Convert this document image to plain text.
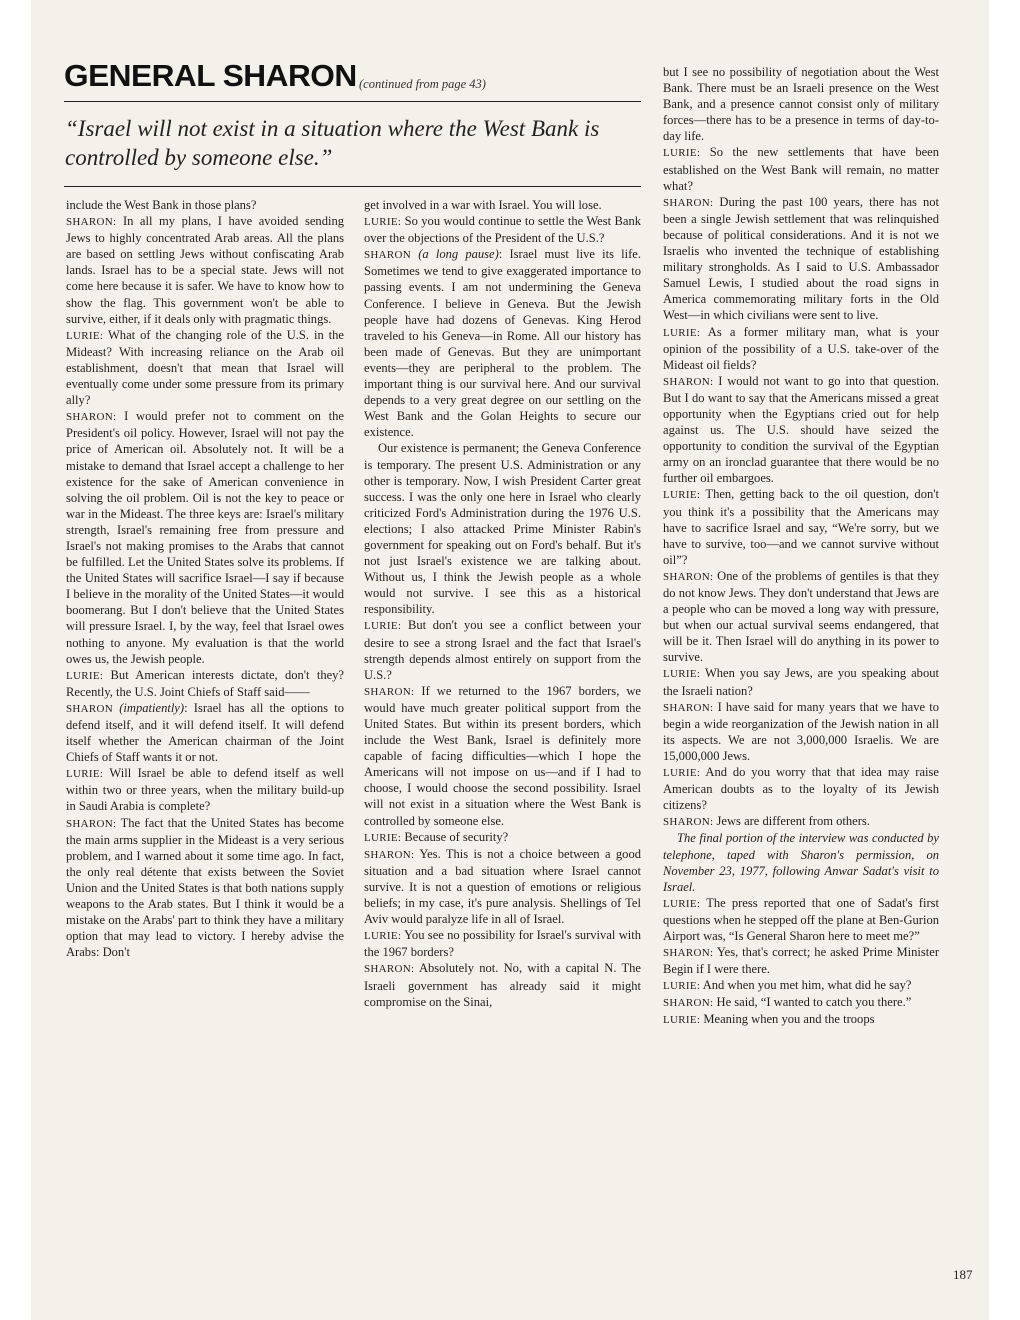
GENERAL SHARON (continued from page 43)
“Israel will not exist in a situation where the West Bank is controlled by someone else.”

include the West Bank in those plans?

SHARON: In all my plans, I have avoided sending Jews to highly concentrated Arab areas. All the plans are based on settling Jews without confiscating Arab lands. Israel has to be a special state. Jews will not come here because it is safer. We have to know how to show the flag. This government won't be able to survive, either, if it deals only with pragmatic things.

LURIE: What of the changing role of the U.S. in the Mideast? With increasing reliance on the Arab oil establishment, doesn't that mean that Israel will eventually come under some pressure from its primary ally?

SHARON: I would prefer not to comment on the President's oil policy. However, Israel will not pay the price of American oil. Absolutely not. It will be a mistake to demand that Israel accept a challenge to her existence for the sake of American convenience in solving the oil problem. Oil is not the key to peace or war in the Mideast. The three keys are: Israel's military strength, Israel's remaining free from pressure and Israel's not making promises to the Arabs that cannot be fulfilled. Let the United States solve its problems. If the United States will sacrifice Israel—I say if because I believe in the morality of the United States—it would boomerang. But I don't believe that the United States will pressure Israel. I, by the way, feel that Israel owes nothing to anyone. My evaluation is that the world owes us, the Jewish people.

LURIE: But American interests dictate, don't they? Recently, the U.S. Joint Chiefs of Staff said——

SHARON (impatiently): Israel has all the options to defend itself, and it will defend itself. It will defend itself whether the American chairman of the Joint Chiefs of Staff wants it or not.

LURIE: Will Israel be able to defend itself as well within two or three years, when the military build-up in Saudi Arabia is complete?

SHARON: The fact that the United States has become the main arms supplier in the Mideast is a very serious problem, and I warned about it some time ago. In fact, the only real détente that exists between the Soviet Union and the United States is that both nations supply weapons to the Arab states. But I think it would be a mistake on the Arabs' part to think they have a military option that may lead to victory. I hereby advise the Arabs: Don't

get involved in a war with Israel. You will lose.

LURIE: So you would continue to settle the West Bank over the objections of the President of the U.S.?

SHARON (a long pause): Israel must live its life. Sometimes we tend to give exaggerated importance to passing events. I am not undermining the Geneva Conference. I believe in Geneva. But the Jewish people have had dozens of Genevas. King Herod traveled to his Geneva—in Rome. All our history has been made of Genevas. But they are unimportant events—they are peripheral to the problem. The important thing is our survival here. And our survival depends to a very great degree on our settling on the West Bank and the Golan Heights to secure our existence.

Our existence is permanent; the Geneva Conference is temporary. The present U.S. Administration or any other is temporary. Now, I wish President Carter great success. I was the only one here in Israel who clearly criticized Ford's Administration during the 1976 U.S. elections; I also attacked Prime Minister Rabin's government for speaking out on Ford's behalf. But it's not just Israel's existence we are talking about. Without us, I think the Jewish people as a whole would not survive. I see this as a historical responsibility.

LURIE: But don't you see a conflict between your desire to see a strong Israel and the fact that Israel's strength depends almost entirely on support from the U.S.?

SHARON: If we returned to the 1967 borders, we would have much greater political support from the United States. But within its present borders, which include the West Bank, Israel is definitely more capable of facing difficulties—which I hope the Americans will not impose on us—and if I had to choose, I would choose the second possibility. Israel will not exist in a situation where the West Bank is controlled by someone else.

LURIE: Because of security?

SHARON: Yes. This is not a choice between a good situation and a bad situation where Israel cannot survive. It is not a question of emotions or religious beliefs; in my case, it's pure analysis. Shellings of Tel Aviv would paralyze life in all of Israel.

LURIE: You see no possibility for Israel's survival with the 1967 borders?

SHARON: Absolutely not. No, with a capital N. The Israeli government has already said it might compromise on the Sinai,

but I see no possibility of negotiation about the West Bank. There must be an Israeli presence on the West Bank, and a presence cannot consist only of military forces—there has to be a presence in terms of day-to-day life.

LURIE: So the new settlements that have been established on the West Bank will remain, no matter what?

SHARON: During the past 100 years, there has not been a single Jewish settlement that was relinquished because of political considerations. And it is not we Israelis who invented the technique of establishing military strongholds. As I said to U.S. Ambassador Samuel Lewis, I studied about the road signs in America commemorating military forts in the Old West—in which civilians were sent to live.

LURIE: As a former military man, what is your opinion of the possibility of a U.S. take-over of the Mideast oil fields?

SHARON: I would not want to go into that question. But I do want to say that the Americans missed a great opportunity when the Egyptians cried out for help against us. The U.S. should have seized the opportunity to condition the survival of the Egyptian army on an ironclad guarantee that there would be no further oil embargoes.

LURIE: Then, getting back to the oil question, don't you think it's a possibility that the Americans may have to sacrifice Israel and say, “We're sorry, but we have to survive, too—and we cannot survive without oil”?

SHARON: One of the problems of gentiles is that they do not know Jews. They don't understand that Jews are a people who can be moved a long way with pressure, but when our actual survival seems endangered, that will be it. Then Israel will do anything in its power to survive.

LURIE: When you say Jews, are you speaking about the Israeli nation?

SHARON: I have said for many years that we have to begin a wide reorganization of the Jewish nation in all its aspects. We are not 3,000,000 Israelis. We are 15,000,000 Jews.

LURIE: And do you worry that that idea may raise American doubts as to the loyalty of its Jewish citizens?

SHARON: Jews are different from others.

The final portion of the interview was conducted by telephone, taped with Sharon's permission, on November 23, 1977, following Anwar Sadat's visit to Israel.

LURIE: The press reported that one of Sadat's first questions when he stepped off the plane at Ben-Gurion Airport was, “Is General Sharon here to meet me?”

SHARON: Yes, that's correct; he asked Prime Minister Begin if I were there.

LURIE: And when you met him, what did he say?

SHARON: He said, “I wanted to catch you there.”

LURIE: Meaning when you and the troops

187
